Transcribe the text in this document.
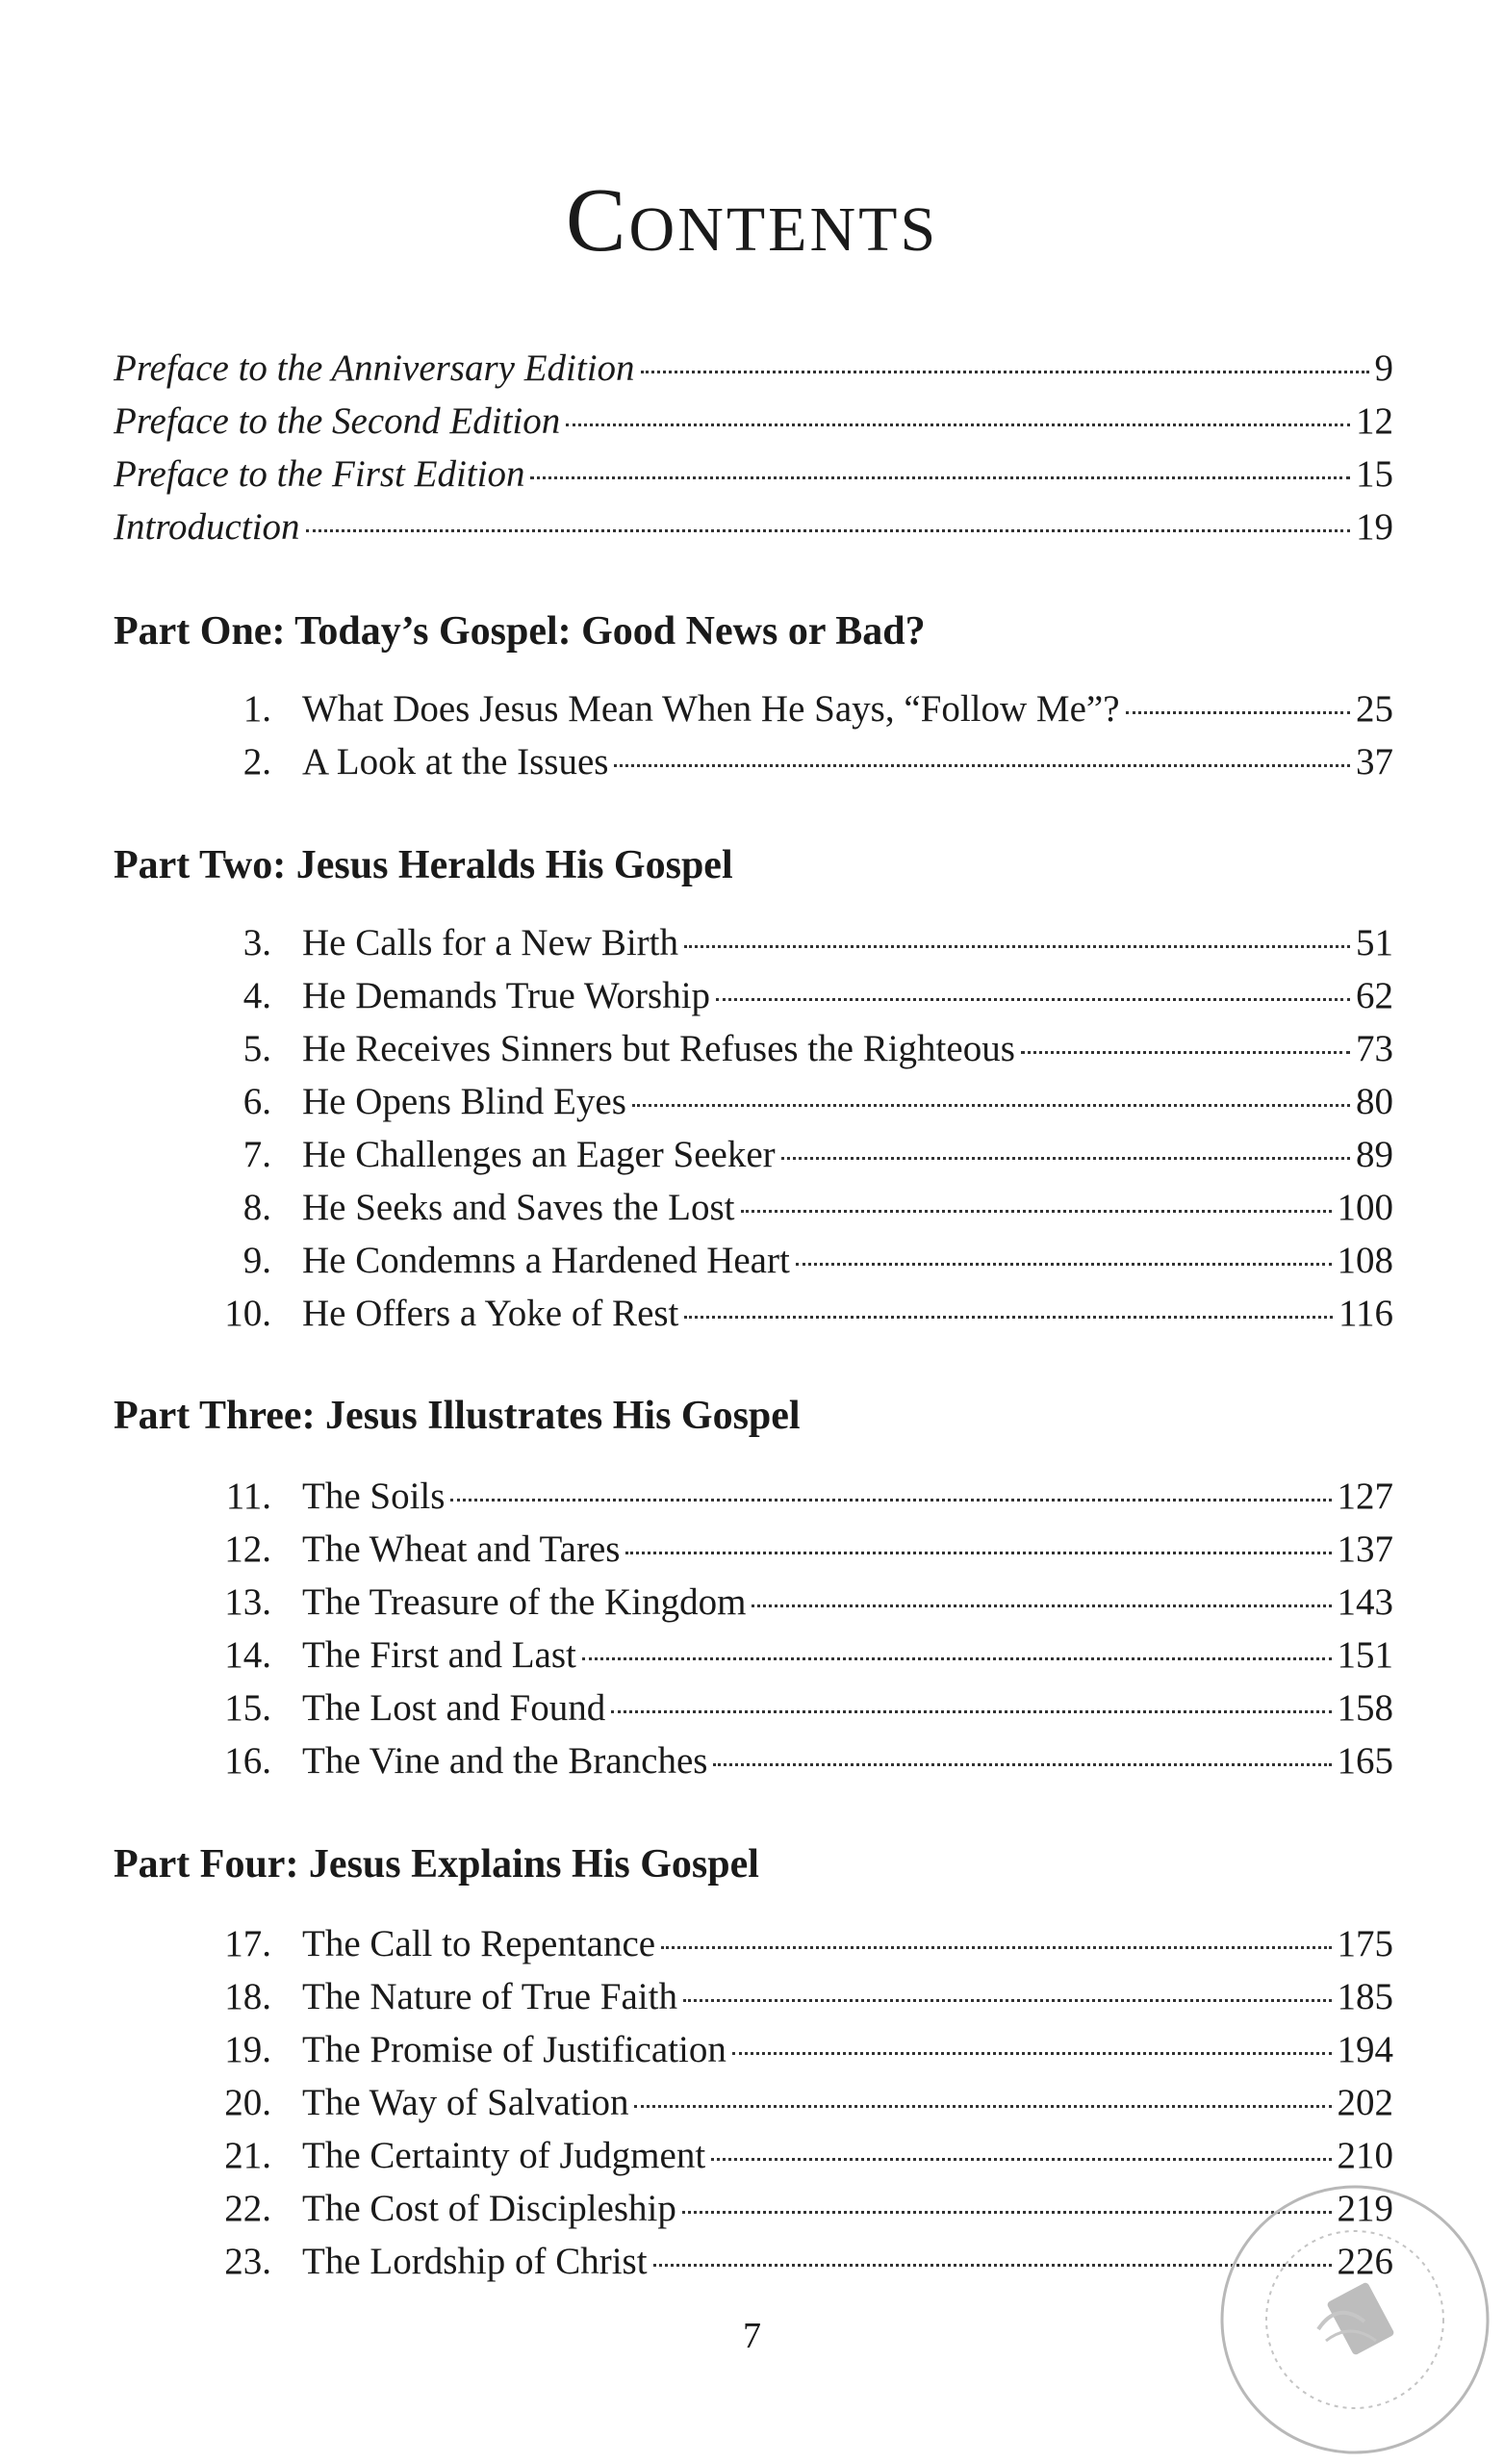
Contents
Preface to the Anniversary Edition	9
Preface to the Second Edition	12
Preface to the First Edition	15
Introduction	19
Part One: Today’s Gospel: Good News or Bad?
1. What Does Jesus Mean When He Says, “Follow Me”?	25
2. A Look at the Issues	37
Part Two: Jesus Heralds His Gospel
3. He Calls for a New Birth	51
4. He Demands True Worship	62
5. He Receives Sinners but Refuses the Righteous	73
6. He Opens Blind Eyes	80
7. He Challenges an Eager Seeker	89
8. He Seeks and Saves the Lost	100
9. He Condemns a Hardened Heart	108
10. He Offers a Yoke of Rest	116
Part Three: Jesus Illustrates His Gospel
11. The Soils	127
12. The Wheat and Tares	137
13. The Treasure of the Kingdom	143
14. The First and Last	151
15. The Lost and Found	158
16. The Vine and the Branches	165
Part Four: Jesus Explains His Gospel
17. The Call to Repentance	175
18. The Nature of True Faith	185
19. The Promise of Justification	194
20. The Way of Salvation	202
21. The Certainty of Judgment	210
22. The Cost of Discipleship	219
23. The Lordship of Christ	226
7
